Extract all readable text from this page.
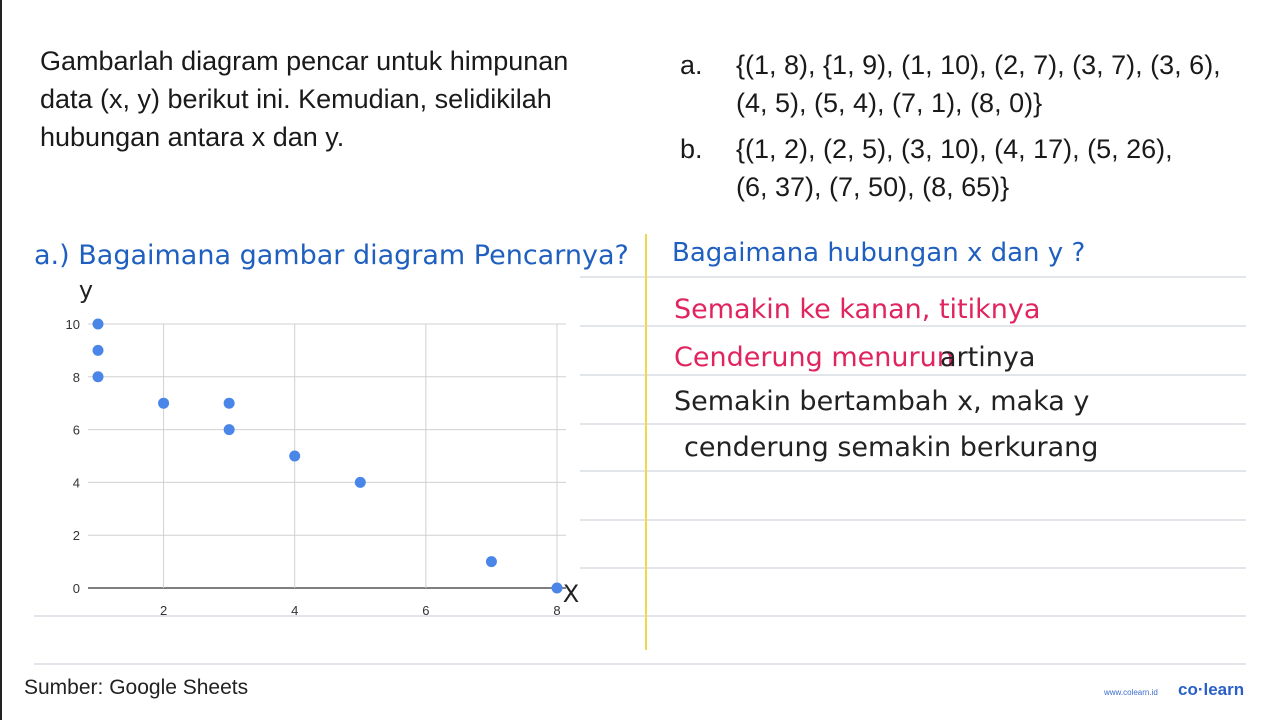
Gambarlah diagram pencar untuk himpunan

data (x, y) berikut ini. Kemudian, selidikilah

hubungan antara x dan y.

a. {(1, 8), {1, 9), (1, 10), (2, 7), (3, 7), (3, 6),
(4, 5), (5, 4), (7, 1), (8, 0)}
b. {(1, 2), (2, 5), (3, 10), (4, 17), (5, 26),
(6, 37), (7, 50), (8, 65)}
a.) Bagaimana gambar diagram Pencarnya? Bagaimana hubungan x dan y ?
Semakin ke kanan, titiknya
Cenderung menurun
artinya
Semakin bertambah x, maka y
cenderung semakin berkurang
0
2
4
6
8
10
2	4	6	8
y
X
Sumber: Google Sheets	www.colearn.id co·learn
